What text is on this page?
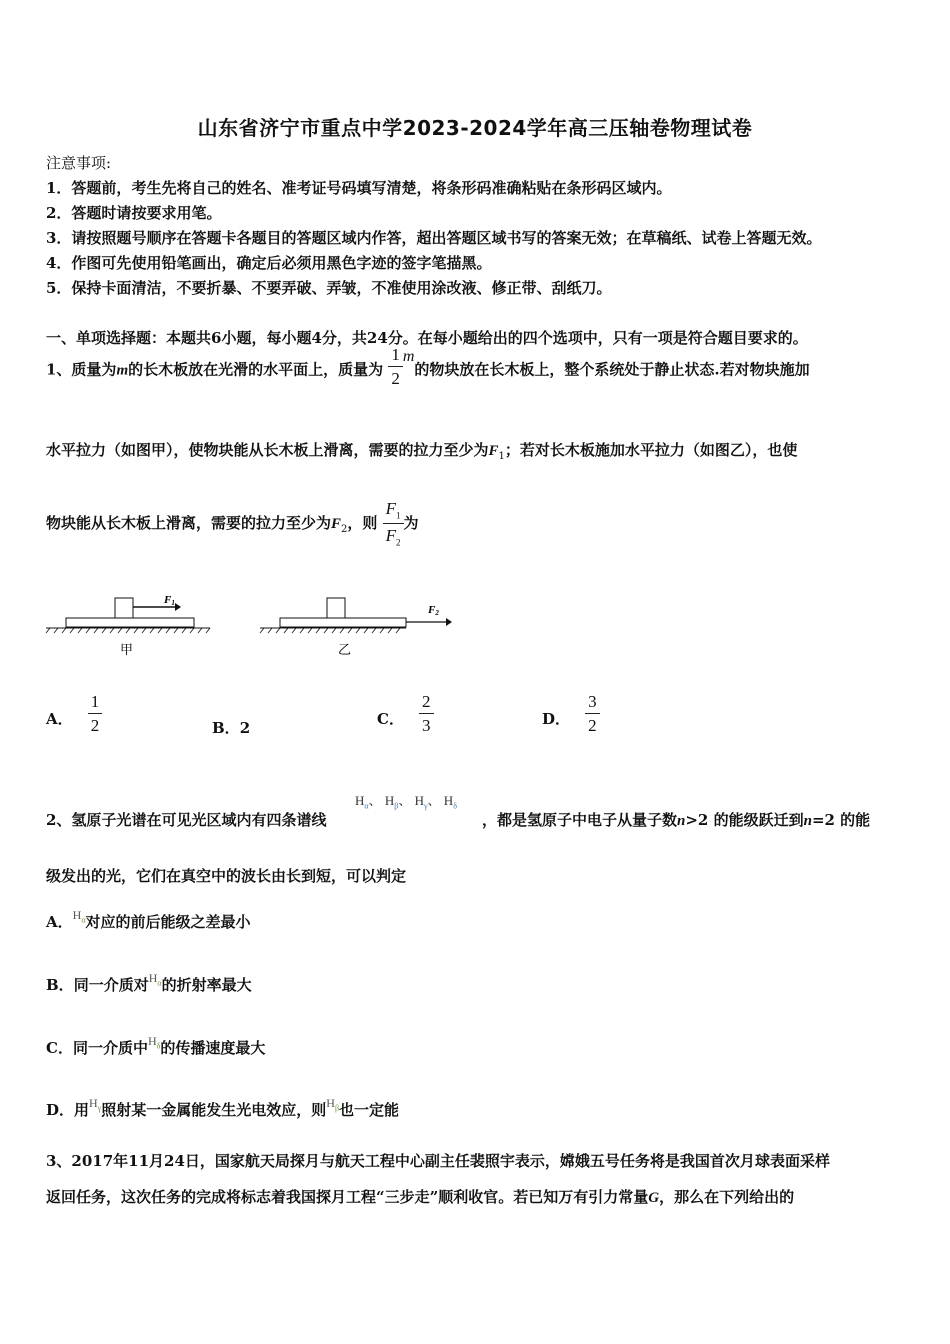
山东省济宁市重点中学2023-2024学年高三压轴卷物理试卷
注意事项:
1．答题前，考生先将自己的姓名、准考证号码填写清楚，将条形码准确粘贴在条形码区域内。
2．答题时请按要求用笔。
3．请按照题号顺序在答题卡各题目的答题区域内作答，超出答题区域书写的答案无效；在草稿纸、试卷上答题无效。
4．作图可先使用铅笔画出，确定后必须用黑色字迹的签字笔描黑。
5．保持卡面清洁，不要折暴、不要弄破、弄皱，不准使用涂改液、修正带、刮纸刀。
一、单项选择题：本题共6小题，每小题4分，共24分。在每小题给出的四个选项中，只有一项是符合题目要求的。
1、质量为m的长木板放在光滑的水平面上，质量为 $\frac{1}{2}$ m的物块放在长木板上，整个系统处于静止状态.若对物块施加
水平拉力（如图甲），使物块能从长木板上滑离，需要的拉力至少为$F_1$；若对长木板施加水平拉力（如图乙），也使
物块能从长木板上滑离，需要的拉力至少为$F_2$，则 $\frac{F_1}{F_2}$ 为
F1
甲
F2
乙
A． $\frac{1}{2}$	B．2	C． $\frac{2}{3}$	D． $\frac{3}{2}$
$H_\alpha$、 $H_\beta$、 $H_\gamma$、 $H_\delta$
2、氢原子光谱在可见光区域内有四条谱线	，都是氢原子中电子从量子数n>2 的能级跃迁到n=2 的能
级发出的光，它们在真空中的波长由长到短，可以判定
A．$^{H_\alpha}$对应的前后能级之差最小
B．同一介质对$^{H_\alpha}$的折射率最大
C．同一介质中$^{H_\delta}$的传播速度最大
D．用$^{H_\gamma}$照射某一金属能发生光电效应，则$^{H_\beta}$也一定能
3、2017年11月24日，国家航天局探月与航天工程中心副主任裴照宇表示，嫦娥五号任务将是我国首次月球表面采样
返回任务，这次任务的完成将标志着我国探月工程“三步走”顺利收官。若已知万有引力常量G，那么在下列给出的
